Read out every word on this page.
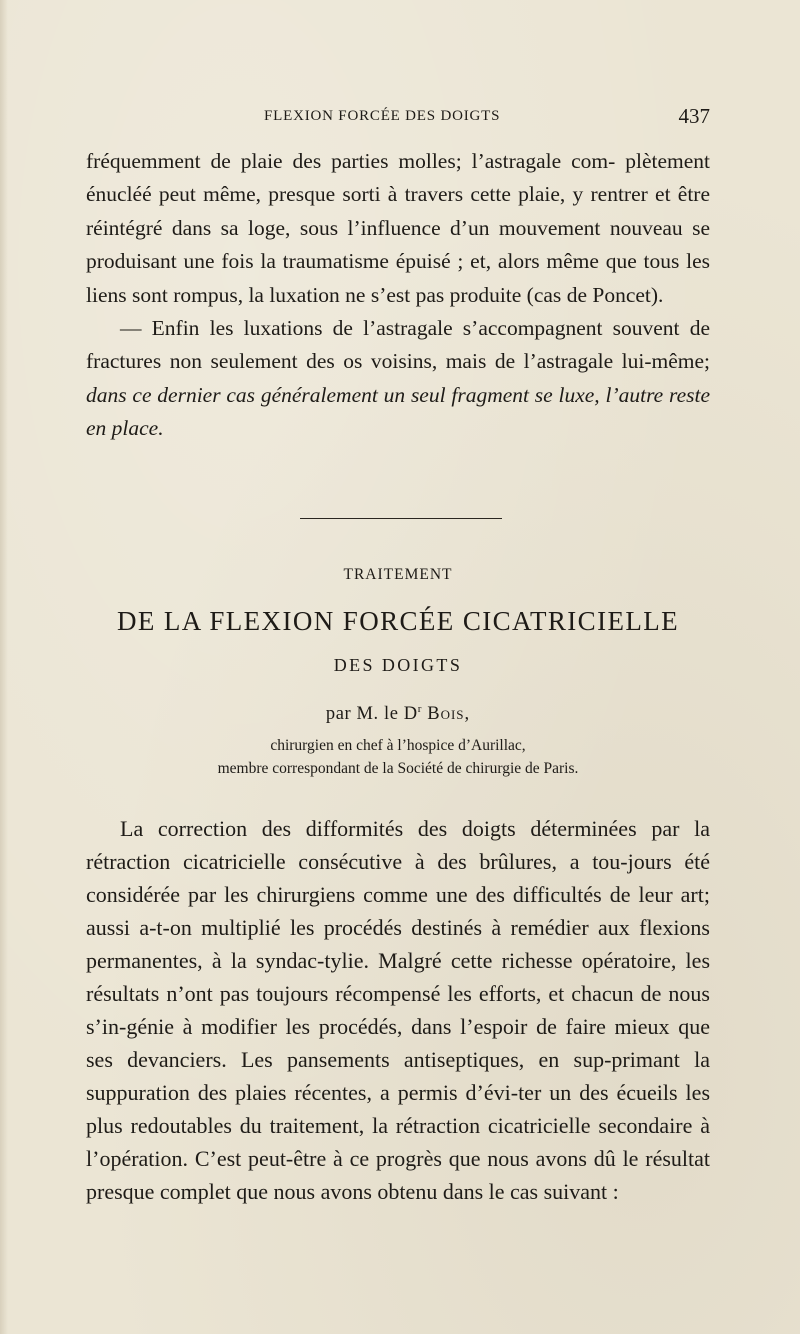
FLEXION FORCÉE DES DOIGTS	437

fréquemment de plaie des parties molles; l’astragale com- plètement énucléé peut même, presque sorti à travers cette plaie, y rentrer et être réintégré dans sa loge, sous l’influence d’un mouvement nouveau se produisant une fois la traumatisme épuisé ; et, alors même que tous les liens sont rompus, la luxation ne s’est pas produite (cas de Poncet).

— Enfin les luxations de l’astragale s’accompagnent souvent de fractures non seulement des os voisins, mais de l’astragale lui-même; dans ce dernier cas généralement un seul fragment se luxe, l’autre reste en place.

TRAITEMENT
DE LA FLEXION FORCÉE CICATRICIELLE
DES DOIGTS
par M. le $D^r$ Bois,
chirurgien en chef à l’hospice d’Aurillac,
membre correspondant de la Société de chirurgie de Paris.

La correction des difformités des doigts déterminées par la rétraction cicatricielle consécutive à des brûlures, a tou-jours été considérée par les chirurgiens comme une des difficultés de leur art; aussi a-t-on multiplié les procédés destinés à remédier aux flexions permanentes, à la syndac-tylie. Malgré cette richesse opératoire, les résultats n’ont pas toujours récompensé les efforts, et chacun de nous s’in-génie à modifier les procédés, dans l’espoir de faire mieux que ses devanciers. Les pansements antiseptiques, en sup-primant la suppuration des plaies récentes, a permis d’évi-ter un des écueils les plus redoutables du traitement, la rétraction cicatricielle secondaire à l’opération. C’est peut-être à ce progrès que nous avons dû le résultat presque complet que nous avons obtenu dans le cas suivant :
